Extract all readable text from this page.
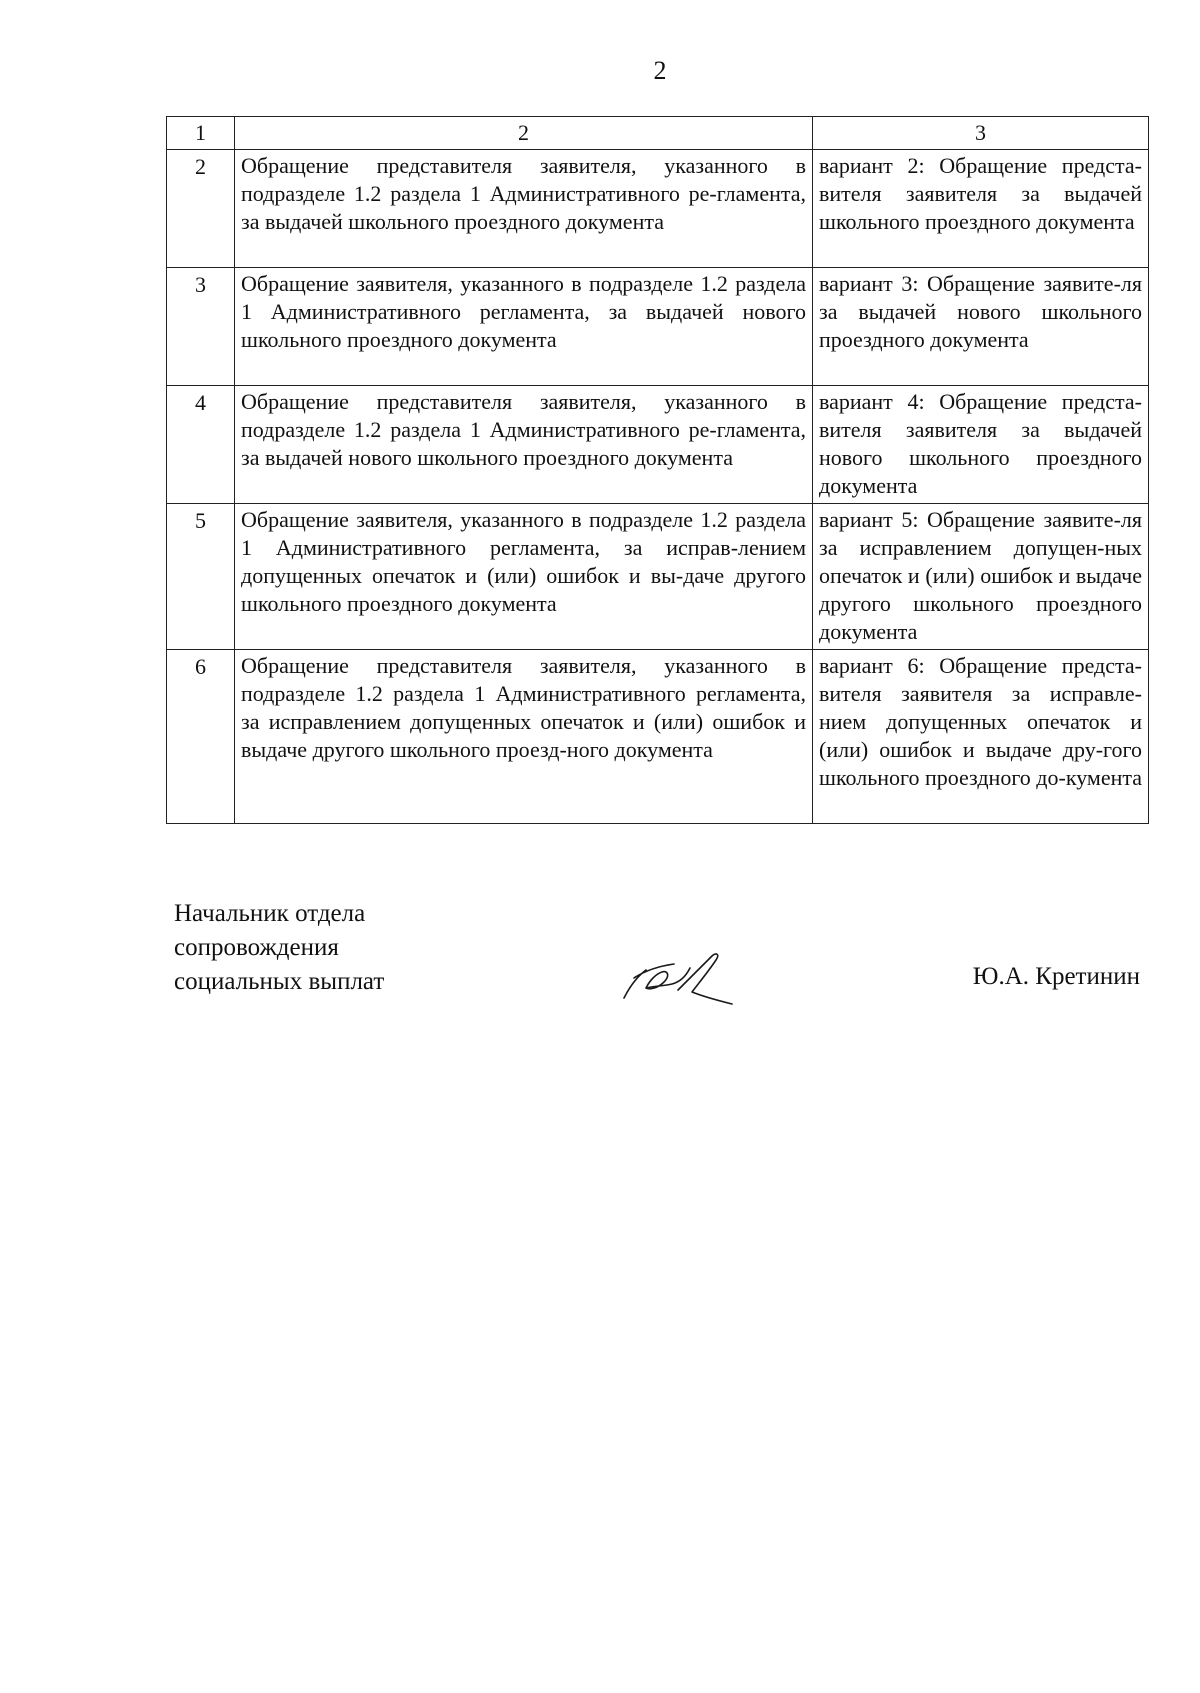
2
1	2	3
2	Обращение представителя заявителя, указанного в подразделе 1.2 раздела 1 Административного ре-гламента, за выдачей школьного проездного документа	вариант 2: Обращение предста-вителя заявителя за выдачей школьного проездного документа
3	Обращение заявителя, указанного в подразделе 1.2 раздела 1 Административного регламента, за выдачей нового школьного проездного документа	вариант 3: Обращение заявите-ля за выдачей нового школьного проездного документа
4	Обращение представителя заявителя, указанного в подразделе 1.2 раздела 1 Административного ре-гламента, за выдачей нового школьного проездного документа	вариант 4: Обращение предста-вителя заявителя за выдачей нового школьного проездного документа
5	Обращение заявителя, указанного в подразделе 1.2 раздела 1 Административного регламента, за исправ-лением допущенных опечаток и (или) ошибок и вы-даче другого школьного проездного документа	вариант 5: Обращение заявите-ля за исправлением допущен-ных опечаток и (или) ошибок и выдаче другого школьного проездного документа
6	Обращение представителя заявителя, указанного в подразделе 1.2 раздела 1 Административного регламента, за исправлением допущенных опечаток и (или) ошибок и выдаче другого школьного проезд-ного документа	вариант 6: Обращение предста-вителя заявителя за исправле-нием допущенных опечаток и (или) ошибок и выдаче дру-гого школьного проездного до-кумента
Начальник отдела
сопровождения
социальных выплат	Ю.А. Кретинин
